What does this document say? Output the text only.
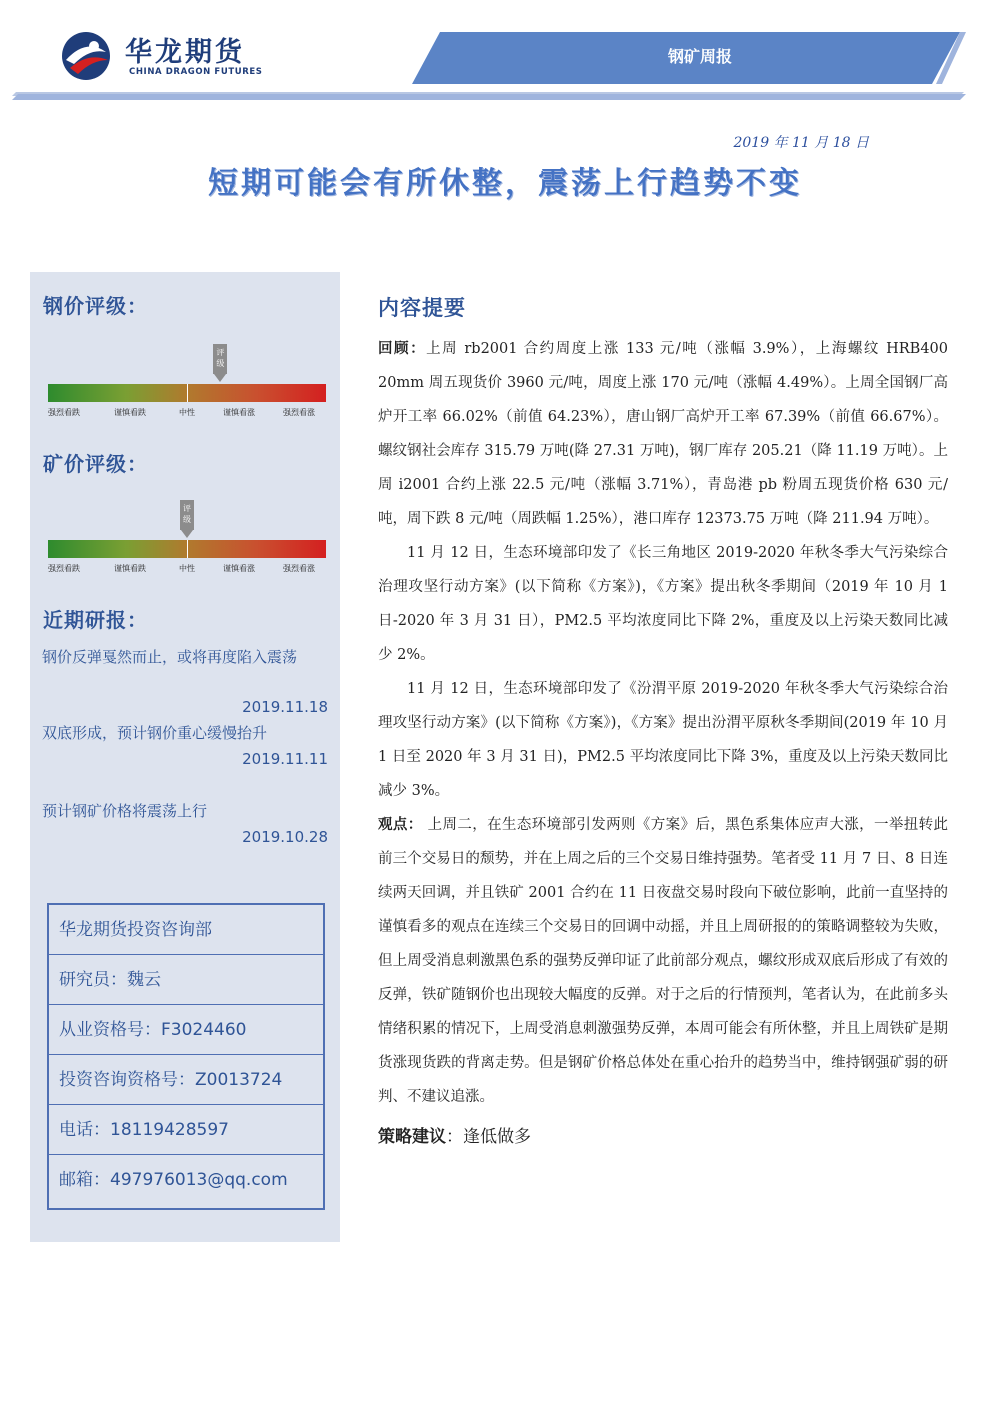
华龙期货
CHINA DRAGON FUTURES
钢矿周报
2019 年 11 月 18 日
短期可能会有所休整，震荡上行趋势不变
钢价评级：
评级
强烈看跌	谨慎看跌	中性	谨慎看涨	强烈看涨
矿价评级：
评级
强烈看跌	谨慎看跌	中性	谨慎看涨	强烈看涨
近期研报：
钢价反弹戛然而止，或将再度陷入震荡
2019.11.18
双底形成，预计钢价重心缓慢抬升
2019.11.11
预计钢矿价格将震荡上行
2019.10.28
华龙期货投资咨询部
研究员：魏云
从业资格号：F3024460
投资咨询资格号：Z0013724
电话：18119428597
邮箱：497976013@qq.com
内容提要

回顾：上周 rb2001 合约周度上涨 133 元/吨（涨幅 3.9%），上海螺纹 HRB400 20mm 周五现货价 3960 元/吨，周度上涨 170 元/吨（涨幅 4.49%）。上周全国钢厂高炉开工率 66.02%（前值 64.23%），唐山钢厂高炉开工率 67.39%（前值 66.67%）。螺纹钢社会库存 315.79 万吨(降 27.31 万吨)，钢厂库存 205.21（降 11.19 万吨）。上周 i2001 合约上涨 22.5 元/吨（涨幅 3.71%），青岛港 pb 粉周五现货价格 630 元/吨，周下跌 8 元/吨（周跌幅 1.25%），港口库存 12373.75 万吨（降 211.94 万吨）。

11 月 12 日，生态环境部印发了《长三角地区 2019-2020 年秋冬季大气污染综合治理攻坚行动方案》(以下简称《方案》)，《方案》提出秋冬季期间（2019 年 10 月 1 日-2020 年 3 月 31 日），PM2.5 平均浓度同比下降 2%，重度及以上污染天数同比减少 2%。

11 月 12 日，生态环境部印发了《汾渭平原 2019-2020 年秋冬季大气污染综合治理攻坚行动方案》(以下简称《方案》)，《方案》提出汾渭平原秋冬季期间(2019 年 10 月 1 日至 2020 年 3 月 31 日)，PM2.5 平均浓度同比下降 3%，重度及以上污染天数同比减少 3%。

观点： 上周二，在生态环境部引发两则《方案》后，黑色系集体应声大涨，一举扭转此前三个交易日的颓势，并在上周之后的三个交易日维持强势。笔者受 11 月 7 日、8 日连续两天回调，并且铁矿 2001 合约在 11 日夜盘交易时段向下破位影响，此前一直坚持的谨慎看多的观点在连续三个交易日的回调中动摇，并且上周研报的的策略调整较为失败，但上周受消息刺激黑色系的强势反弹印证了此前部分观点，螺纹形成双底后形成了有效的反弹，铁矿随钢价也出现较大幅度的反弹。对于之后的行情预判，笔者认为，在此前多头情绪积累的情况下，上周受消息刺激强势反弹，本周可能会有所休整，并且上周铁矿是期货涨现货跌的背离走势。但是钢矿价格总体处在重心抬升的趋势当中，维持钢强矿弱的研判、不建议追涨。

策略建议：逢低做多
